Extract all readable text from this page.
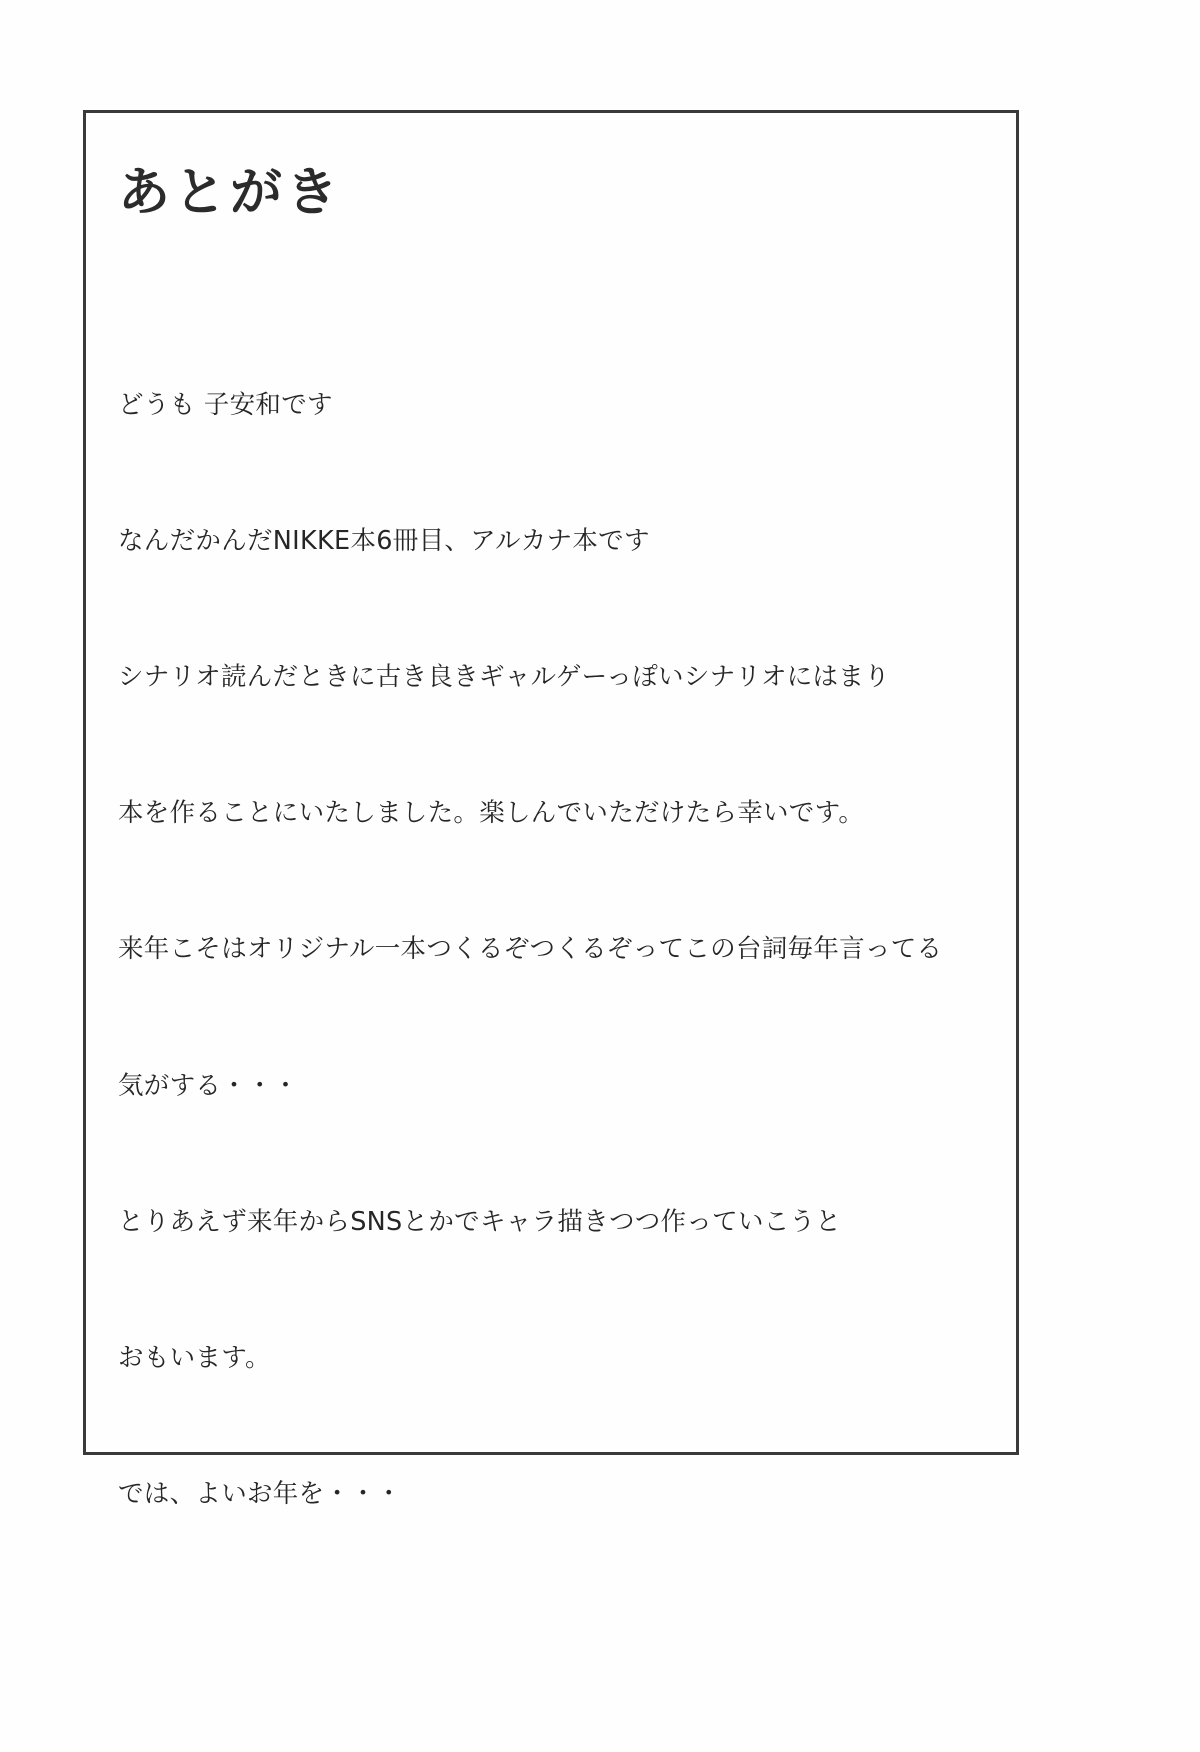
あとがき

どうも 子安和です

なんだかんだNIKKE本6冊目、アルカナ本です

シナリオ読んだときに古き良きギャルゲーっぽいシナリオにはまり

本を作ることにいたしました。楽しんでいただけたら幸いです。

来年こそはオリジナル一本つくるぞつくるぞってこの台詞毎年言ってる

気がする・・・

とりあえず来年からSNSとかでキャラ描きつつ作っていこうと

おもいます。

では、よいお年を・・・
